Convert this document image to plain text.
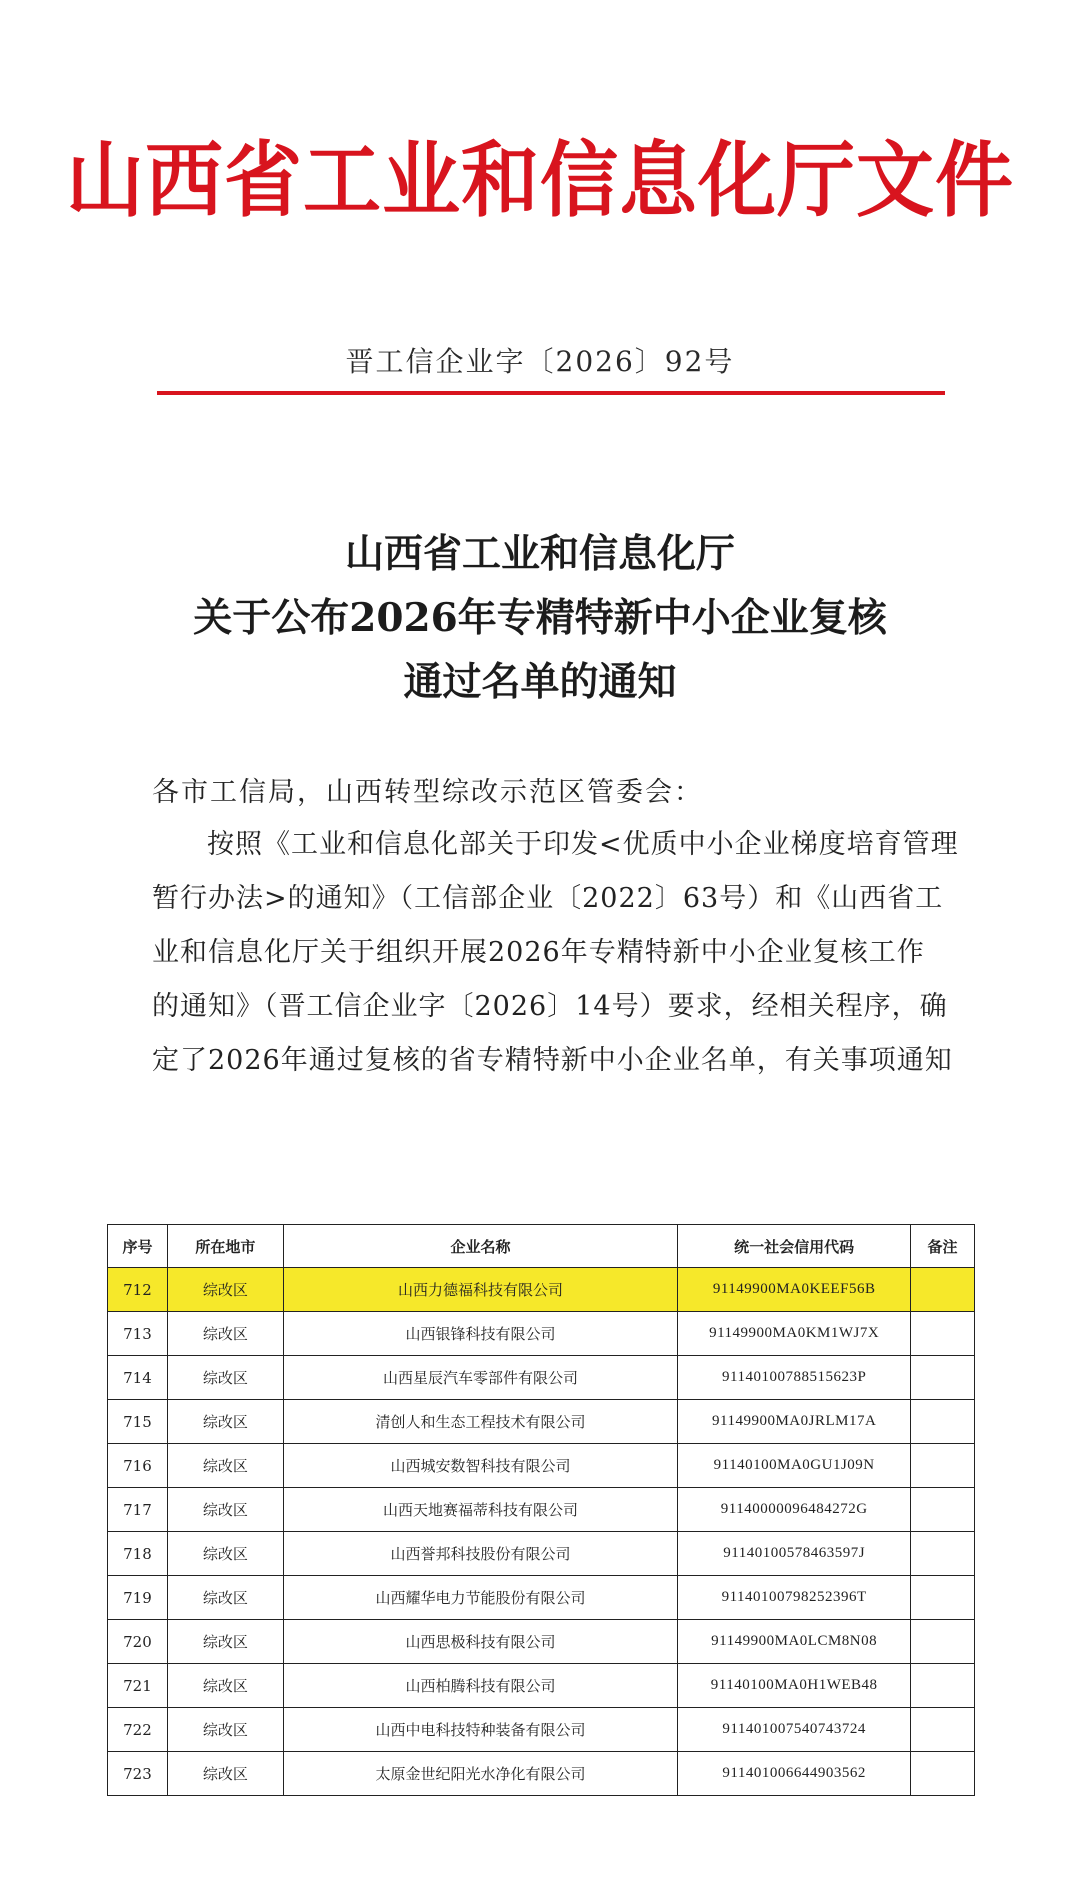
山西省工业和信息化厅文件
晋工信企业字〔2026〕92号
山西省工业和信息化厅
关于公布2026年专精特新中小企业复核
通过名单的通知
各市工信局，山西转型综改示范区管委会：
按照《工业和信息化部关于印发<优质中小企业梯度培育管理
暂行办法>的通知》（工信部企业〔2022〕63号）和《山西省工
业和信息化厅关于组织开展2026年专精特新中小企业复核工作
的通知》（晋工信企业字〔2026〕14号）要求，经相关程序，确
定了2026年通过复核的省专精特新中小企业名单，有关事项通知
序号	所在地市	企业名称	统一社会信用代码	备注
712	综改区	山西力德福科技有限公司	91149900MA0KEEF56B	
713	综改区	山西银锋科技有限公司	91149900MA0KM1WJ7X	
714	综改区	山西星辰汽车零部件有限公司	91140100788515623P	
715	综改区	清创人和生态工程技术有限公司	91149900MA0JRLM17A	
716	综改区	山西城安数智科技有限公司	91140100MA0GU1J09N	
717	综改区	山西天地赛福蒂科技有限公司	91140000096484272G	
718	综改区	山西誉邦科技股份有限公司	91140100578463597J	
719	综改区	山西耀华电力节能股份有限公司	91140100798252396T	
720	综改区	山西思极科技有限公司	91149900MA0LCM8N08	
721	综改区	山西柏腾科技有限公司	91140100MA0H1WEB48	
722	综改区	山西中电科技特种装备有限公司	911401007540743724	
723	综改区	太原金世纪阳光水净化有限公司	911401006644903562	
